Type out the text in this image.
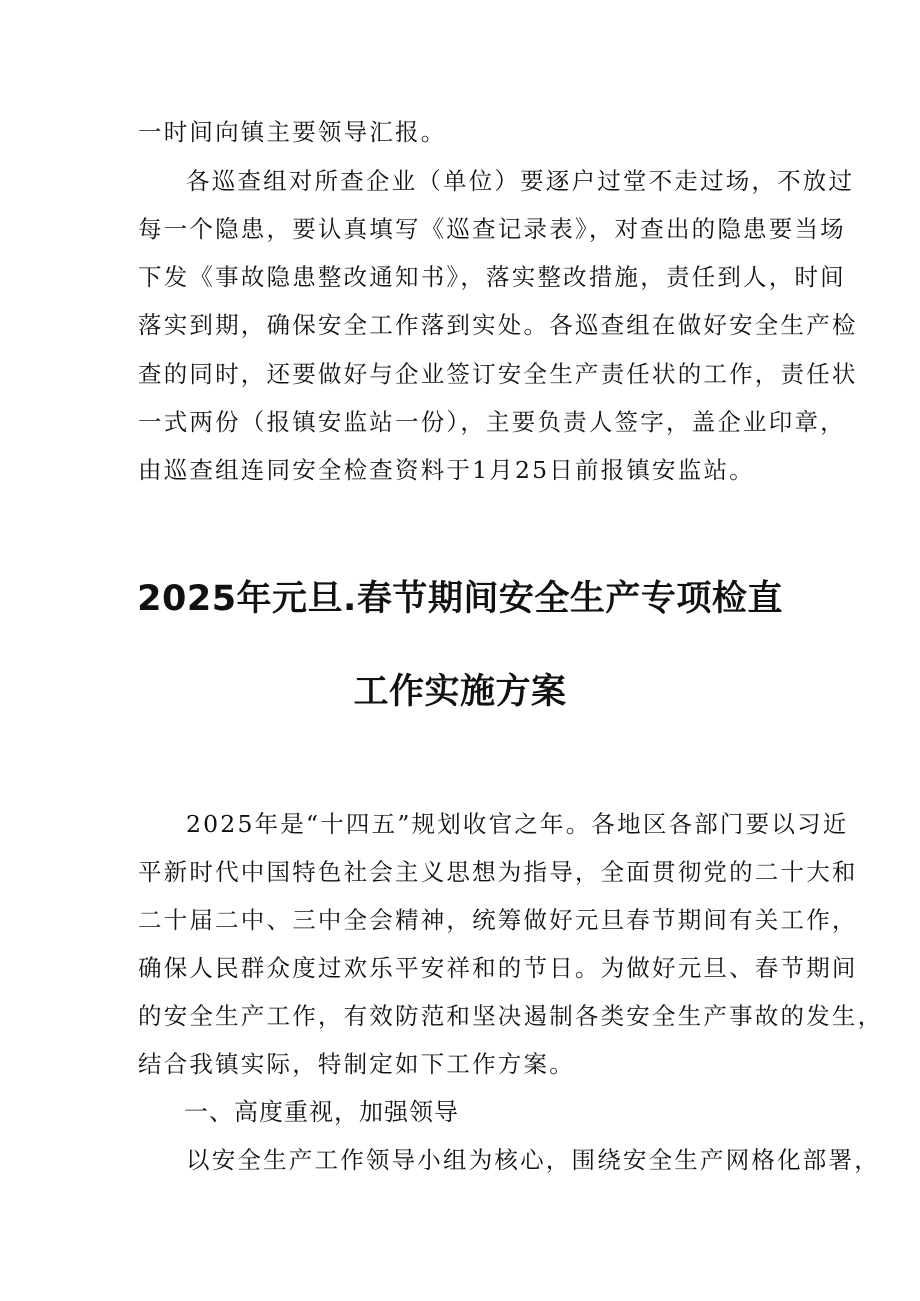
一时间向镇主要领导汇报。
各巡查组对所查企业（单位）要逐户过堂不走过场，不放过
每一个隐患，要认真填写《巡查记录表》，对查出的隐患要当场
下发《事故隐患整改通知书》，落实整改措施，责任到人，时间
落实到期，确保安全工作落到实处。各巡查组在做好安全生产检
查的同时，还要做好与企业签订安全生产责任状的工作，责任状
一式两份（报镇安监站一份），主要负责人签字，盖企业印章，
由巡查组连同安全检查资料于1月25日前报镇安监站。
2025年元旦.春节期间安全生产专项检直
工作实施方案
2025年是“十四五”规划收官之年。各地区各部门要以习近
平新时代中国特色社会主义思想为指导，全面贯彻党的二十大和
二十届二中、三中全会精神，统筹做好元旦春节期间有关工作，
确保人民群众度过欢乐平安祥和的节日。为做好元旦、春节期间
的安全生产工作，有效防范和坚决遏制各类安全生产事故的发生，
结合我镇实际，特制定如下工作方案。
一、高度重视，加强领导
以安全生产工作领导小组为核心，围绕安全生产网格化部署，
